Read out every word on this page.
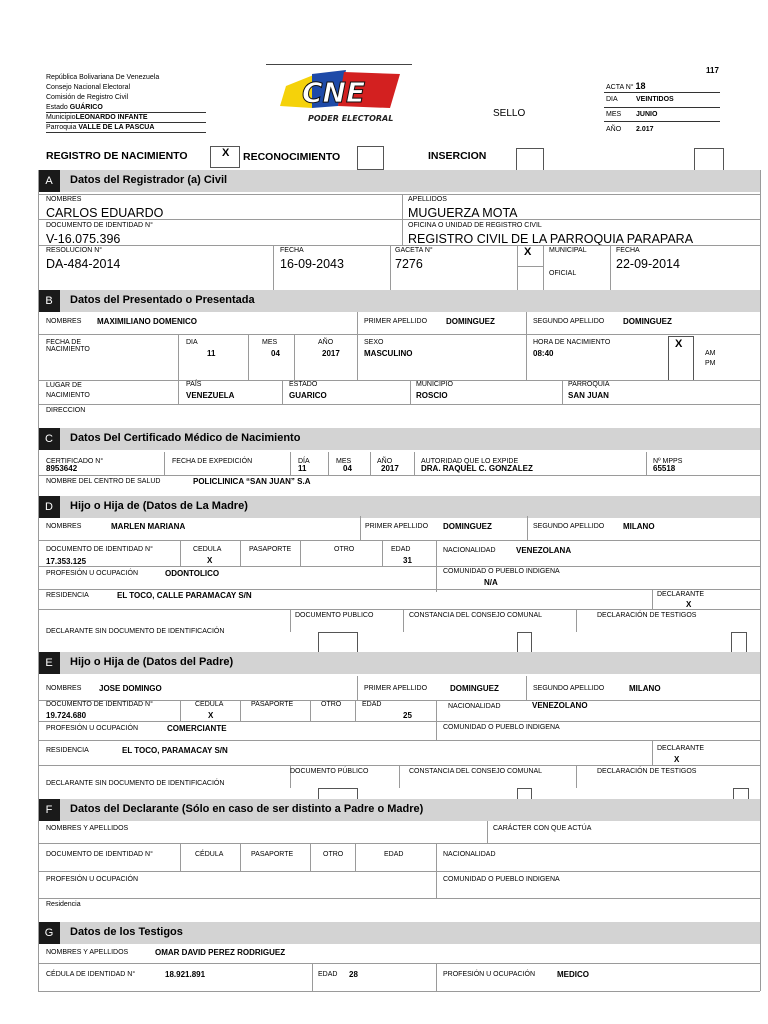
República Bolivariana De Venezuela
Consejo Nacional Electoral
Comisión de Registro Civil
Estado GUÁRICO
MunicipioLEONARDO INFANTE
Parroquia VALLE DE LA PASCUA
CNE
PODER ELECTORAL	SELLO
117
ACTA N° 18
DIA	VEINTIDOS
MES JUNIO
AÑO 2.017
REGISTRO DE NACIMIENTO	X RECONOCIMIENTO	INSERCION
A	Datos del Registrador (a) Civil
NOMBRES
CARLOS EDUARDO
APELLIDOS
MUGUERZA MOTA
DOCUMENTO DE IDENTIDAD N°
V-16.075.396
OFICINA O UNIDAD DE REGISTRO CIVIL
REGISTRO CIVIL DE LA PARROQUIA PARAPARA
RESOLUCION N°
DA-484-2014
FECHA
16-09-2043
GACETA N°
7276
X	MUNICIPAL
OFICIAL
FECHA
22-09-2014
B	Datos del Presentado o Presentada
NOMBRES MAXIMILIANO DOMENICO	PRIMER APELLIDO DOMINGUEZ	SEGUNDO APELLIDO DOMINGUEZ
FECHA DE NACIMIENTO
DIA
11
MES
04
AÑO
2017
SEXO
MASCULINO
HORA DE NACIMIENTO
08:40
X
AM
PM
LUGAR DE NACIMIENTO
PAÍS
VENEZUELA
ESTADO
GUARICO
MUNICIPIO
ROSCIO
PARROQUIA
SAN JUAN
DIRECCION
C	Datos Del Certificado Médico de Nacimiento
CERTIFICADO N°
8953642
FECHA DE EXPEDICIÓN	DÍA
11
MES
04
AÑO
2017
AUTORIDAD QUE LO EXPIDE
DRA. RAQUEL C. GONZALEZ
Nº MPPS
65518
NOMBRE DEL CENTRO DE SALUD	POLICLINICA “SAN JUAN” S.A
D	Hijo o Hija de (Datos de La Madre)
NOMBRES	MARLEN MARIANA	PRIMER APELLIDO DOMINGUEZ	SEGUNDO APELLIDO MILANO
DOCUMENTO DE IDENTIDAD N°
17.353.125
CEDULA
X
PASAPORTE	OTRO	EDAD
31
NACIONALIDAD	VENEZOLANA
PROFESIÓN U OCUPACIÓN	ODONTOLICO	COMUNIDAD O PUEBLO INDIGENA
N/A
RESIDENCIA	EL TOCO, CALLE PARAMACAY S/N	DECLARANTE
X
DOCUMENTO PUBLICO	CONSTANCIA DEL CONSEJO COMUNAL	DECLARACIÓN DE TESTIGOS
DECLARANTE SIN DOCUMENTO DE IDENTIFICACIÓN
E	Hijo o Hija de (Datos del Padre)
NOMBRES JOSE DOMINGO	PRIMER APELLIDO	DOMINGUEZ	SEGUNDO APELLIDO	MILANO
DOCUMENTO DE IDENTIDAD N°
19.724.680
CEDULA
X
PASAPORTE	OTRO	EDAD
25
NACIONALIDAD	VENEZOLANO
PROFESIÓN U OCUPACIÓN	COMERCIANTE	COMUNIDAD O PUEBLO INDIGENA
RESIDENCIA	EL TOCO, PARAMACAY S/N	DECLARANTE
X
DOCUMENTO PÚBLICO	CONSTANCIA DEL CONSEJO COMUNAL	DECLARACIÓN DE TESTIGOS
DECLARANTE SIN DOCUMENTO DE IDENTIFICACIÓN
F	Datos del Declarante (Sólo en caso de ser distinto a Padre o Madre)
NOMBRES Y APELLIDOS	CARÁCTER CON QUE ACTÚA
DOCUMENTO DE IDENTIDAD N°	CÉDULA	PASAPORTE	OTRO	EDAD	NACIONALIDAD
PROFESIÓN U OCUPACIÓN	COMUNIDAD O PUEBLO INDIGENA
Residencia
G	Datos de los Testigos
NOMBRES Y APELLIDOS	OMAR DAVID PEREZ RODRIGUEZ
CÉDULA DE IDENTIDAD N°	18.921.891	EDAD 28	PROFESIÓN U OCUPACIÓN	MEDICO
